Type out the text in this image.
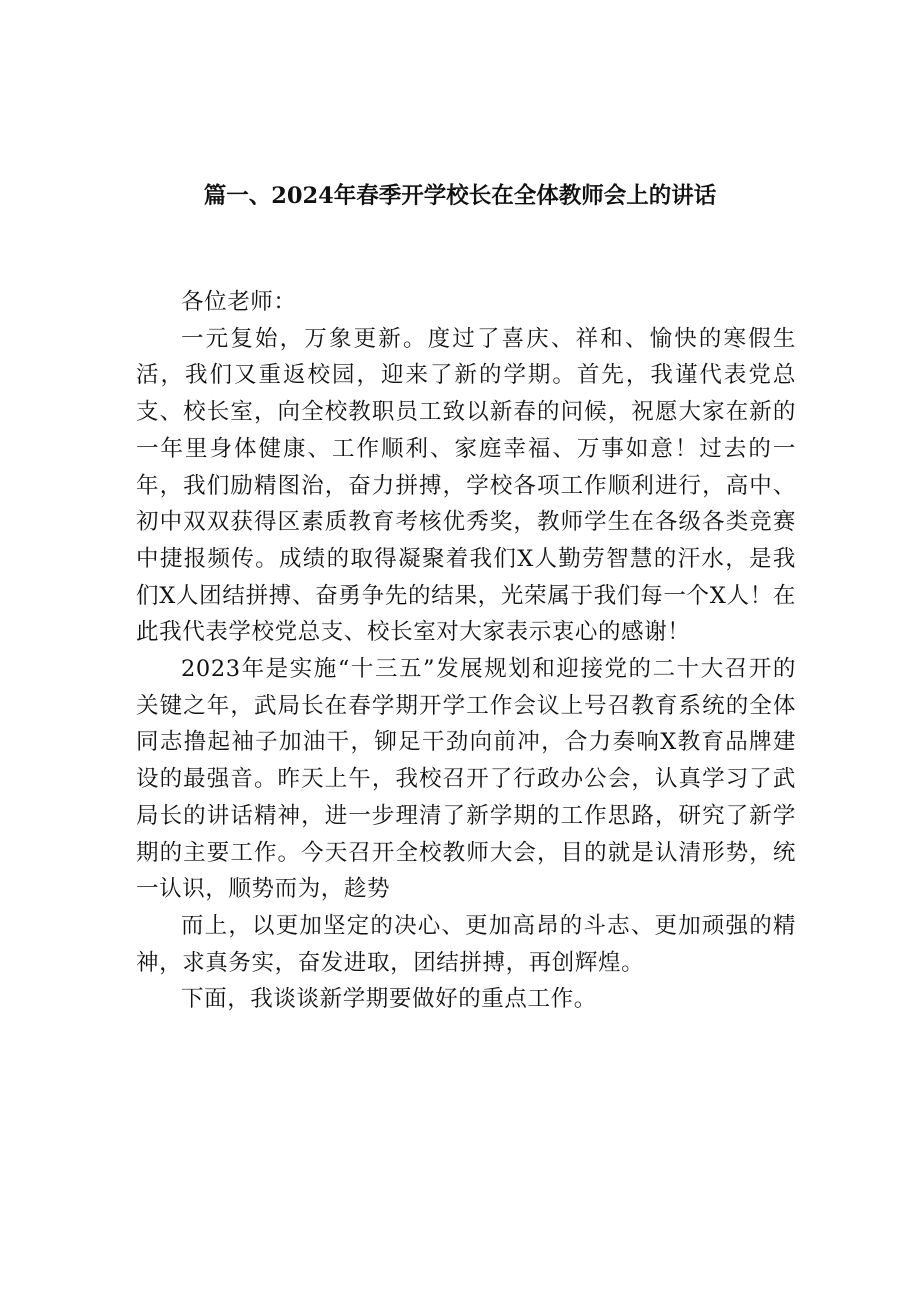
篇一、2024年春季开学校长在全体教师会上的讲话

各位老师：

一元复始，万象更新。度过了喜庆、祥和、愉快的寒假生活，我们又重返校园，迎来了新的学期。首先，我谨代表党总支、校长室，向全校教职员工致以新春的问候，祝愿大家在新的一年里身体健康、工作顺利、家庭幸福、万事如意！过去的一年，我们励精图治，奋力拼搏，学校各项工作顺利进行，高中、初中双双获得区素质教育考核优秀奖，教师学生在各级各类竞赛中捷报频传。成绩的取得凝聚着我们X人勤劳智慧的汗水，是我们X人团结拼搏、奋勇争先的结果，光荣属于我们每一个X人！在此我代表学校党总支、校长室对大家表示衷心的感谢！

2023年是实施“十三五”发展规划和迎接党的二十大召开的关键之年，武局长在春学期开学工作会议上号召教育系统的全体同志撸起袖子加油干，铆足干劲向前冲，合力奏响X教育品牌建设的最强音。昨天上午，我校召开了行政办公会，认真学习了武局长的讲话精神，进一步理清了新学期的工作思路，研究了新学期的主要工作。今天召开全校教师大会，目的就是认清形势，统一认识，顺势而为，趁势

而上，以更加坚定的决心、更加高昂的斗志、更加顽强的精神，求真务实，奋发进取，团结拼搏，再创辉煌。

下面，我谈谈新学期要做好的重点工作。
